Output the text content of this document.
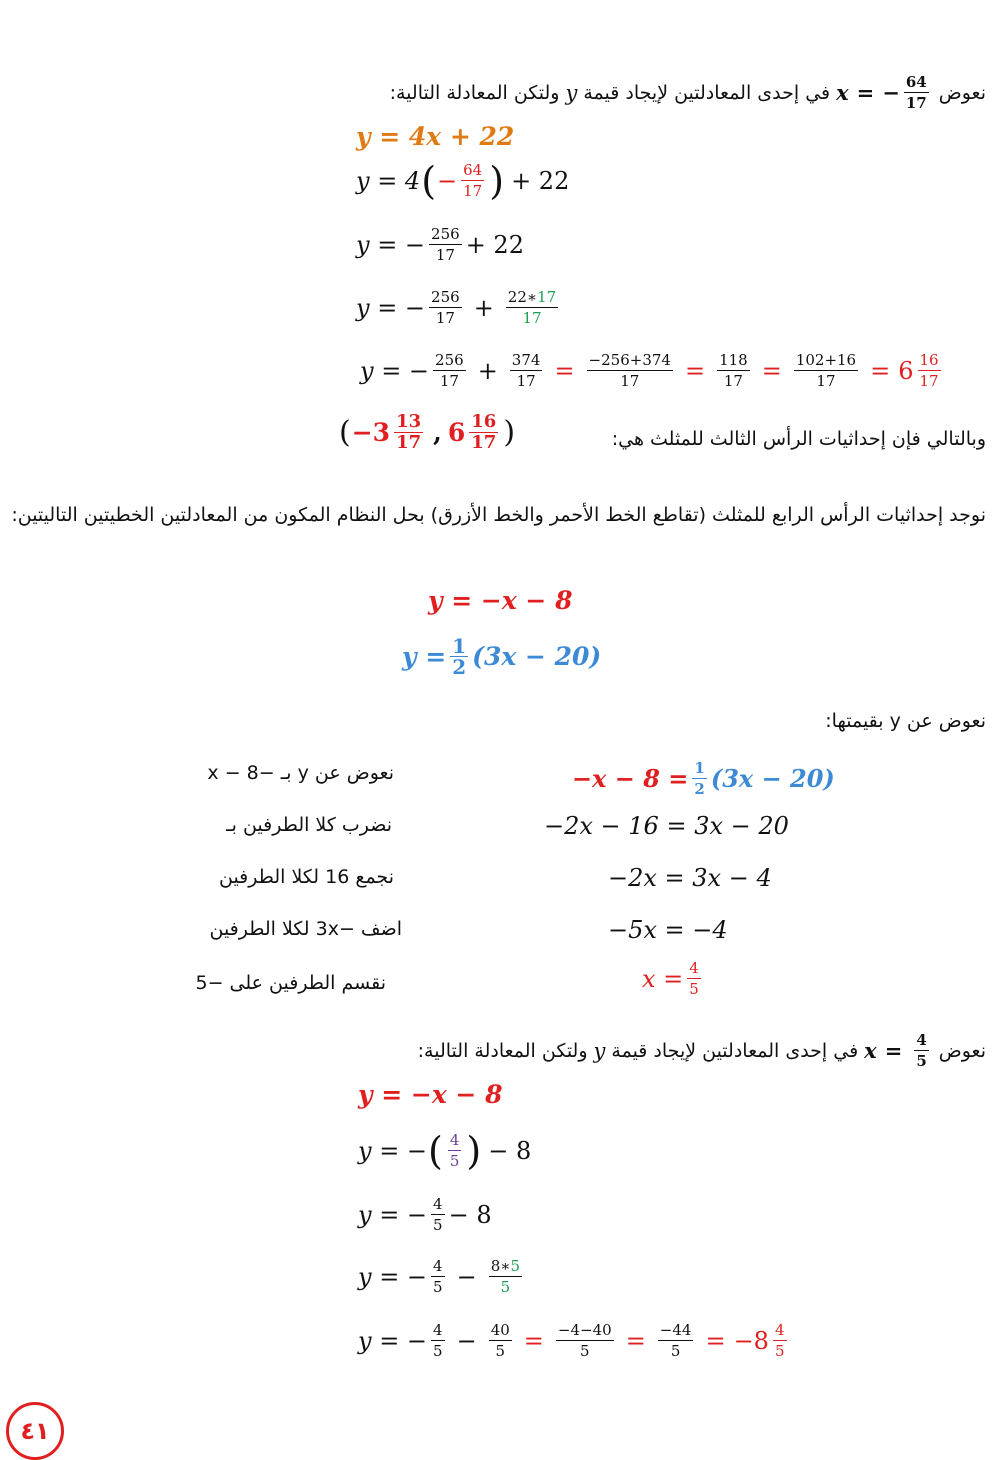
نعوض
x = − $\frac{64}{17}$
في إحدى المعادلتين لإيجاد قيمة
y
ولتكن المعادلة التالية:
y = 4x + 22
y = 4 ( − $\frac{64}{17}$ ) + 22
y = − $\frac{256}{17} + 22$
y = − $\frac{256}{17} + \frac{22∗17}{17}$
y = − $\frac{256}{17} + \frac{374}{17} = \frac{-256+374}{17} = \frac{118}{17} = \frac{102+16}{17} = 6 \frac{16}{17}$
وبالتالي فإن إحداثيات الرأس الثالث للمثلث هي:
( $-3 \frac{13}{17}$ , $6 \frac{16}{17}$ )
نوجد إحداثيات الرأس الرابع للمثلث (تقاطع الخط الأحمر والخط الأزرق) بحل النظام المكون من المعادلتين الخطيتين التاليتين:
y = −x − 8
$y = \frac{1}{2} (3x - 20)$
نعوض عن y بقيمتها:
$-x - 8 = \frac{1}{2} (3x - 20)$
نعوض عن y بـ −x − 8
−2x − 16 = 3x − 20
نضرب كلا الطرفين بـ
−2x = 3x − 4
نجمع 16 لكلا الطرفين
−5x = −4
اضف −3x لكلا الطرفين
$x = \frac{4}{5}$
نقسم الطرفين على −5
نعوض
$x = \frac{4}{5}$
في إحدى المعادلتين لإيجاد قيمة
y
ولتكن المعادلة التالية:
y = −x − 8
y = − ( $\frac{4}{5}$ ) − 8
y = − $\frac{4}{5} - 8$
y = − $\frac{4}{5} - \frac{8∗5}{5}$
y = − $\frac{4}{5} - \frac{40}{5} = \frac{-4-40}{5} = \frac{-44}{5} = -8 \frac{4}{5}$
٤١
